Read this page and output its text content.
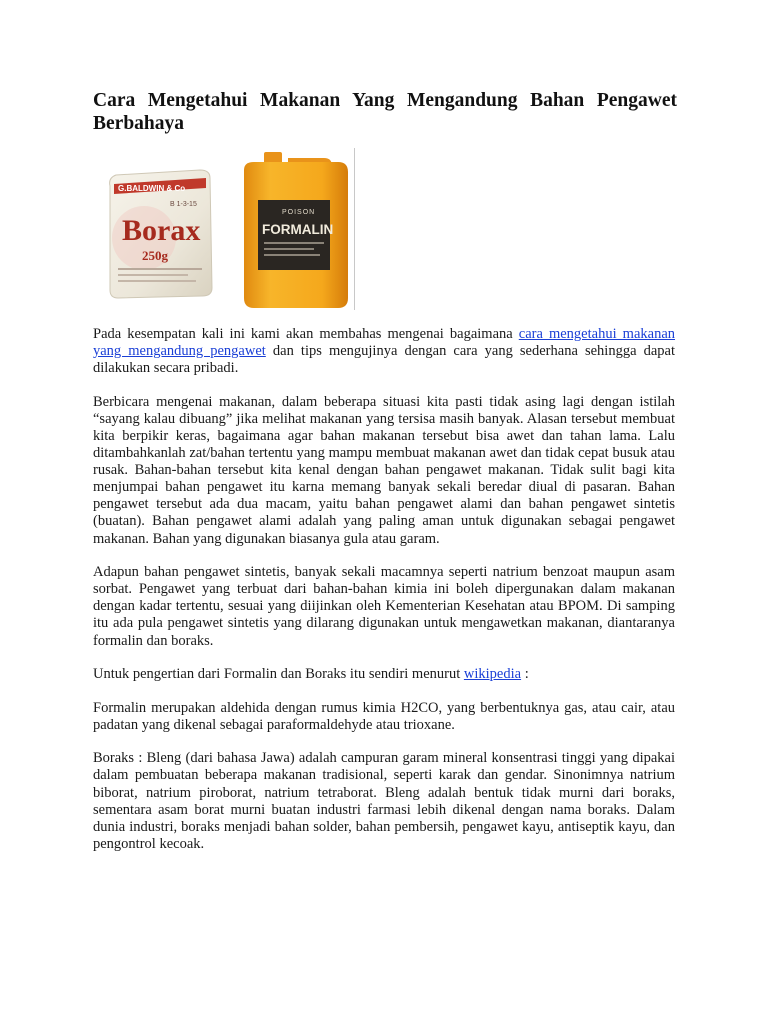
Cara Mengetahui Makanan Yang Mengandung Bahan Pengawet Berbahaya
G.BALDWIN & Co
B 1-3-15
Borax
250g
POISON
FORMALIN

Pada kesempatan kali ini kami akan membahas mengenai bagaimana cara mengetahui makanan yang mengandung pengawet dan tips mengujinya dengan cara yang sederhana sehingga dapat dilakukan secara pribadi.

Berbicara mengenai makanan, dalam beberapa situasi kita pasti tidak asing lagi dengan istilah “sayang kalau dibuang” jika melihat makanan yang tersisa masih banyak. Alasan tersebut membuat kita berpikir keras, bagaimana agar bahan makanan tersebut bisa awet dan tahan lama. Lalu ditambahkanlah zat/bahan tertentu yang mampu membuat makanan awet dan tidak cepat busuk atau rusak. Bahan-bahan tersebut kita kenal dengan bahan pengawet makanan. Tidak sulit bagi kita menjumpai bahan pengawet itu karna memang banyak sekali beredar diual di pasaran. Bahan pengawet tersebut ada dua macam, yaitu bahan pengawet alami dan bahan pengawet sintetis (buatan). Bahan pengawet alami adalah yang paling aman untuk digunakan sebagai pengawet makanan. Bahan yang digunakan biasanya gula atau garam.

Adapun bahan pengawet sintetis, banyak sekali macamnya seperti natrium benzoat maupun asam sorbat. Pengawet yang terbuat dari bahan-bahan kimia ini boleh dipergunakan dalam makanan dengan kadar tertentu, sesuai yang diijinkan oleh Kementerian Kesehatan atau BPOM. Di samping itu ada pula pengawet sintetis yang dilarang digunakan untuk mengawetkan makanan, diantaranya formalin dan boraks.

Untuk pengertian dari Formalin dan Boraks itu sendiri menurut wikipedia :

Formalin merupakan aldehida dengan rumus kimia H2CO, yang berbentuknya gas, atau cair, atau padatan yang dikenal sebagai paraformaldehyde atau trioxane.

Boraks : Bleng (dari bahasa Jawa) adalah campuran garam mineral konsentrasi tinggi yang dipakai dalam pembuatan beberapa makanan tradisional, seperti karak dan gendar. Sinonimnya natrium biborat, natrium piroborat, natrium tetraborat. Bleng adalah bentuk tidak murni dari boraks, sementara asam borat murni buatan industri farmasi lebih dikenal dengan nama boraks. Dalam dunia industri, boraks menjadi bahan solder, bahan pembersih, pengawet kayu, antiseptik kayu, dan pengontrol kecoak.
